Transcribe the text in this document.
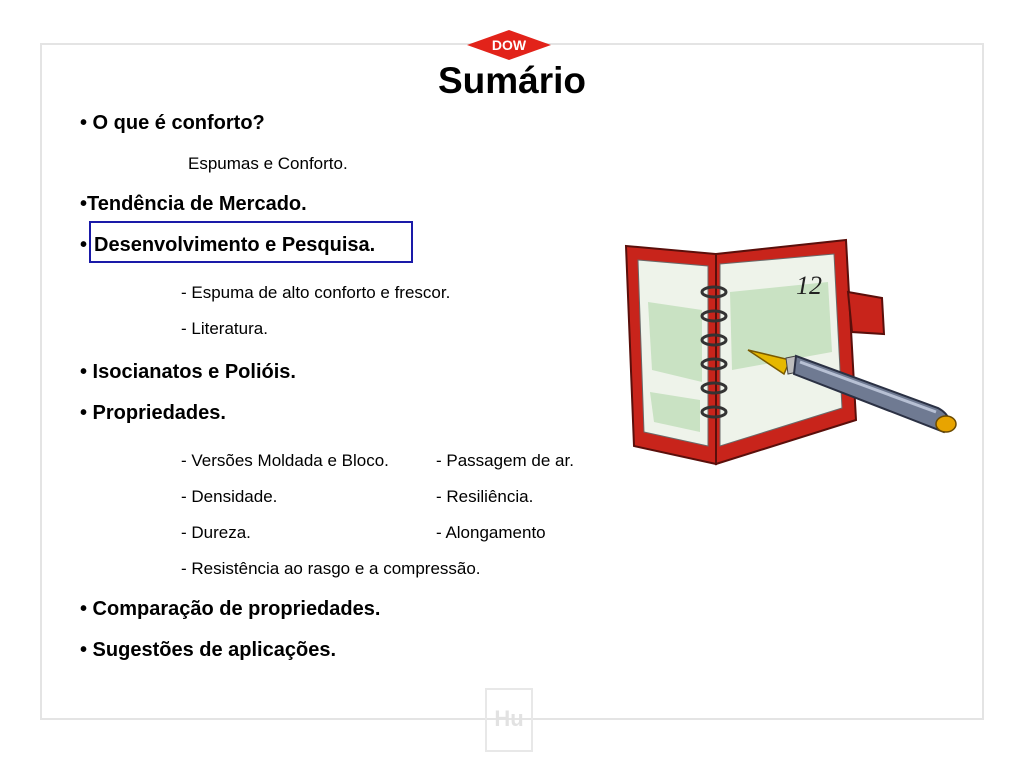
DOW
Sumário
• O que é conforto?
Espumas e Conforto.
•Tendência de Mercado.
• Desenvolvimento e Pesquisa.
- Espuma de alto conforto e frescor.
- Literatura.
• Isocianatos e Polióis.
• Propriedades.
- Versões Moldada e Bloco.	- Passagem de ar.
- Densidade.	- Resiliência.
- Dureza.	- Alongamento
- Resistência ao rasgo e a compressão.
• Comparação de propriedades.
• Sugestões de aplicações.
12
Hu
